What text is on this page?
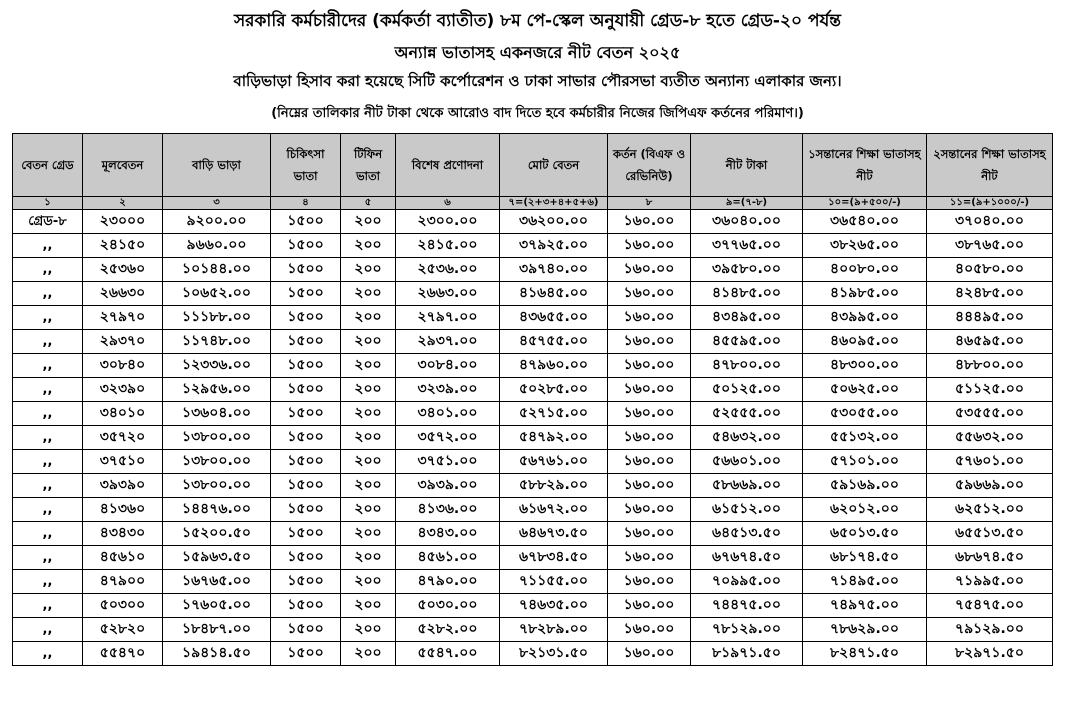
সরকারি কর্মচারীদের (কর্মকর্তা ব্যাতীত) ৮ম পে-স্কেল অনুযায়ী গ্রেড-৮ হতে গ্রেড-২০ পর্যন্ত
অন্যান্ন ভাতাসহ একনজরে নীট বেতন ২০২৫
বাড়িভাড়া হিসাব করা হয়েছে সিটি কর্পোরেশন ও ঢাকা সাভার পৌরসভা ব্যতীত অন্যান্য এলাকার জন্য।
(নিম্নের তালিকার নীট টাকা থেকে আরোও বাদ দিতে হবে কর্মচারীর নিজের জিপিএফ কর্তনের পরিমাণ।)
বেতন গ্রেড	মূলবেতন	বাড়ি ভাড়া	চিকিৎসা ভাতা	টিফিন ভাতা	বিশেষ প্রণোদনা	মোট বেতন	কর্তন (বিএফ ও রেভিনিউ)	নীট টাকা	১সন্তানের শিক্ষা ভাতাসহ নীট	২সন্তানের শিক্ষা ভাতাসহ নীট
১	২	৩	৪	৫	৬	৭=(২+৩+৪+৫+৬)	৮	৯=(৭-৮)	১০=(৯+৫০০/-)	১১=(৯+১০০০/-)
গ্রেড-৮	২৩০০০	৯২০০.০০	১৫০০	২০০	২৩০০.০০	৩৬২০০.০০	১৬০.০০	৩৬০৪০.০০	৩৬৫৪০.০০	৩৭০৪০.০০
,,	২৪১৫০	৯৬৬০.০০	১৫০০	২০০	২৪১৫.০০	৩৭৯২৫.০০	১৬০.০০	৩৭৭৬৫.০০	৩৮২৬৫.০০	৩৮৭৬৫.০০
,,	২৫৩৬০	১০১৪৪.০০	১৫০০	২০০	২৫৩৬.০০	৩৯৭৪০.০০	১৬০.০০	৩৯৫৮০.০০	৪০০৮০.০০	৪০৫৮০.০০
,,	২৬৬৩০	১০৬৫২.০০	১৫০০	২০০	২৬৬৩.০০	৪১৬৪৫.০০	১৬০.০০	৪১৪৮৫.০০	৪১৯৮৫.০০	৪২৪৮৫.০০
,,	২৭৯৭০	১১১৮৮.০০	১৫০০	২০০	২৭৯৭.০০	৪৩৬৫৫.০০	১৬০.০০	৪৩৪৯৫.০০	৪৩৯৯৫.০০	৪৪৪৯৫.০০
,,	২৯৩৭০	১১৭৪৮.০০	১৫০০	২০০	২৯৩৭.০০	৪৫৭৫৫.০০	১৬০.০০	৪৫৫৯৫.০০	৪৬০৯৫.০০	৪৬৫৯৫.০০
,,	৩০৮৪০	১২৩৩৬.০০	১৫০০	২০০	৩০৮৪.০০	৪৭৯৬০.০০	১৬০.০০	৪৭৮০০.০০	৪৮৩০০.০০	৪৮৮০০.০০
,,	৩২৩৯০	১২৯৫৬.০০	১৫০০	২০০	৩২৩৯.০০	৫০২৮৫.০০	১৬০.০০	৫০১২৫.০০	৫০৬২৫.০০	৫১১২৫.০০
,,	৩৪০১০	১৩৬০৪.০০	১৫০০	২০০	৩৪০১.০০	৫২৭১৫.০০	১৬০.০০	৫২৫৫৫.০০	৫৩০৫৫.০০	৫৩৫৫৫.০০
,,	৩৫৭২০	১৩৮০০.০০	১৫০০	২০০	৩৫৭২.০০	৫৪৭৯২.০০	১৬০.০০	৫৪৬৩২.০০	৫৫১৩২.০০	৫৫৬৩২.০০
,,	৩৭৫১০	১৩৮০০.০০	১৫০০	২০০	৩৭৫১.০০	৫৬৭৬১.০০	১৬০.০০	৫৬৬০১.০০	৫৭১০১.০০	৫৭৬০১.০০
,,	৩৯৩৯০	১৩৮০০.০০	১৫০০	২০০	৩৯৩৯.০০	৫৮৮২৯.০০	১৬০.০০	৫৮৬৬৯.০০	৫৯১৬৯.০০	৫৯৬৬৯.০০
,,	৪১৩৬০	১৪৪৭৬.০০	১৫০০	২০০	৪১৩৬.০০	৬১৬৭২.০০	১৬০.০০	৬১৫১২.০০	৬২০১২.০০	৬২৫১২.০০
,,	৪৩৪৩০	১৫২০০.৫০	১৫০০	২০০	৪৩৪৩.০০	৬৪৬৭৩.৫০	১৬০.০০	৬৪৫১৩.৫০	৬৫০১৩.৫০	৬৫৫১৩.৫০
,,	৪৫৬১০	১৫৯৬৩.৫০	১৫০০	২০০	৪৫৬১.০০	৬৭৮৩৪.৫০	১৬০.০০	৬৭৬৭৪.৫০	৬৮১৭৪.৫০	৬৮৬৭৪.৫০
,,	৪৭৯০০	১৬৭৬৫.০০	১৫০০	২০০	৪৭৯০.০০	৭১১৫৫.০০	১৬০.০০	৭০৯৯৫.০০	৭১৪৯৫.০০	৭১৯৯৫.০০
,,	৫০৩০০	১৭৬০৫.০০	১৫০০	২০০	৫০৩০.০০	৭৪৬৩৫.০০	১৬০.০০	৭৪৪৭৫.০০	৭৪৯৭৫.০০	৭৫৪৭৫.০০
,,	৫২৮২০	১৮৪৮৭.০০	১৫০০	২০০	৫২৮২.০০	৭৮২৮৯.০০	১৬০.০০	৭৮১২৯.০০	৭৮৬২৯.০০	৭৯১২৯.০০
,,	৫৫৪৭০	১৯৪১৪.৫০	১৫০০	২০০	৫৫৪৭.০০	৮২১৩১.৫০	১৬০.০০	৮১৯৭১.৫০	৮২৪৭১.৫০	৮২৯৭১.৫০
